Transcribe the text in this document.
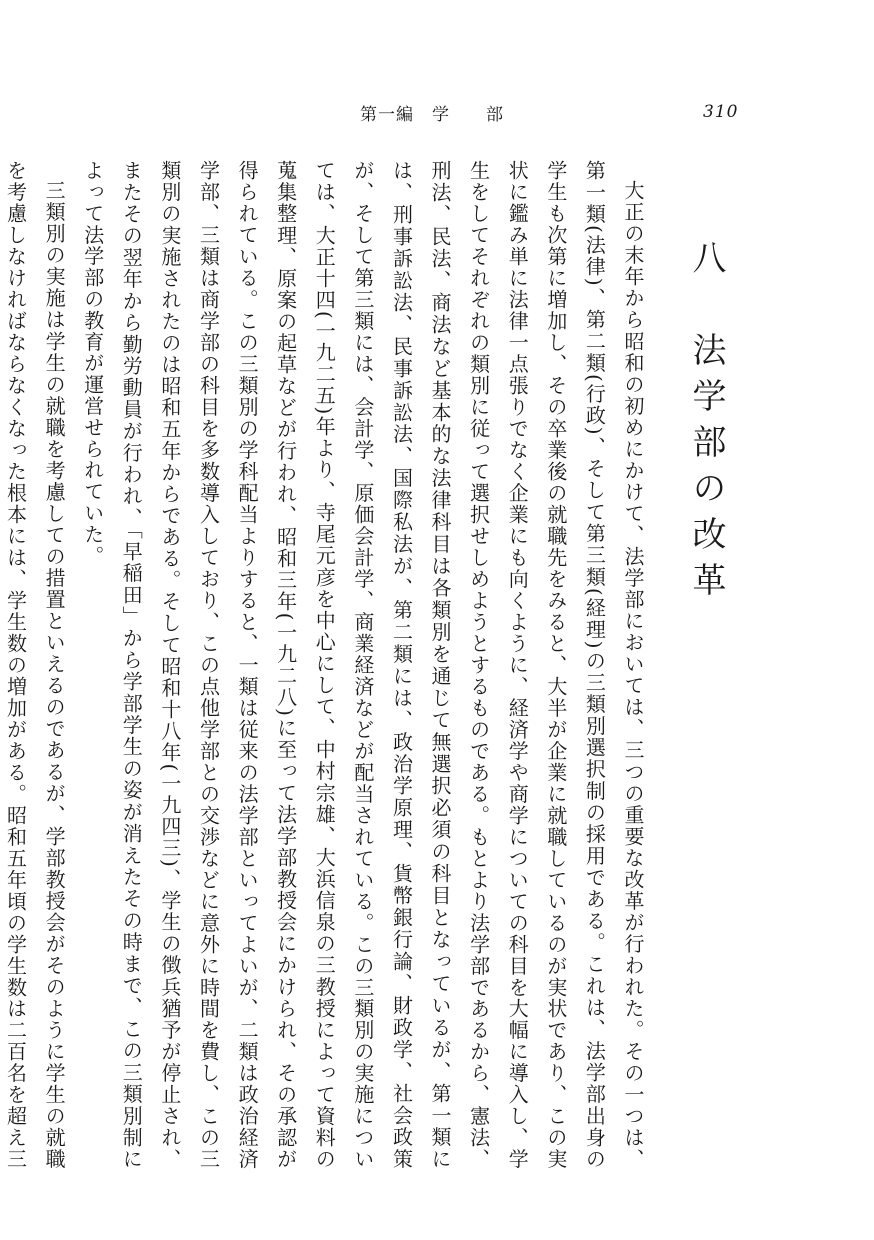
第一編　学　　部	310
八　法学部の改革

大正の末年から昭和の初めにかけて、法学部においては、三つの重要な改革が行われた。その一つは、第一類(法律)、第二類(行政)、そして第三類(経理)の三類別選択制の採用である。これは、法学部出身の学生も次第に増加し、その卒業後の就職先をみると、大半が企業に就職しているのが実状であり、この実状に鑑み単に法律一点張りでなく企業にも向くように、経済学や商学についての科目を大幅に導入し、学生をしてそれぞれの類別に従って選択せしめようとするものである。もとより法学部であるから、憲法、刑法、民法、商法など基本的な法律科目は各類別を通じて無選択必須の科目となっているが、第一類には、刑事訴訟法、民事訴訟法、国際私法が、第二類には、政治学原理、貨幣銀行論、財政学、社会政策が、そして第三類には、会計学、原価会計学、商業経済などが配当されている。この三類別の実施については、大正十四(一九二五)年より、寺尾元彦を中心にして、中村宗雄、大浜信泉の三教授によって資料の蒐集整理、原案の起草などが行われ、昭和三年(一九二八)に至って法学部教授会にかけられ、その承認が得られている。この三類別の学科配当よりすると、一類は従来の法学部といってよいが、二類は政治経済学部、三類は商学部の科目を多数導入しており、この点他学部との交渉などに意外に時間を費し、この三類別の実施されたのは昭和五年からである。そして昭和十八年(一九四三)、学生の徴兵猶予が停止され、またその翌年から勤労動員が行われ、「早稲田」から学部学生の姿が消えたその時まで、この三類別制によって法学部の教育が運営せられていた。

三類別の実施は学生の就職を考慮しての措置といえるのであるが、学部教授会がそのように学生の就職を考慮しなければならなくなった根本には、学生数の増加がある。昭和五年頃の学生数は二百名を超え三
